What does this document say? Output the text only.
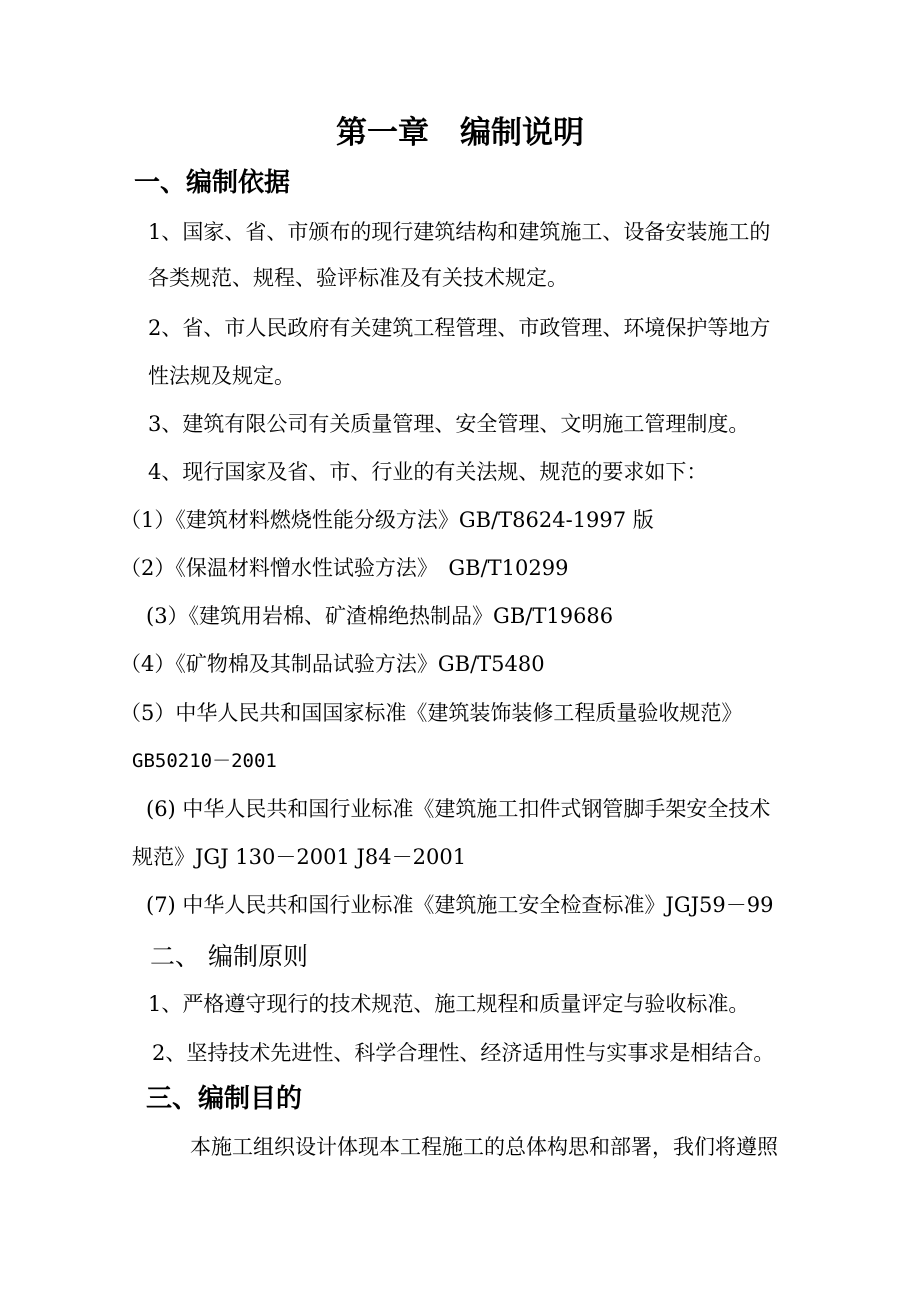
第一章　编制说明
一、编制依据
1、国家、省、市颁布的现行建筑结构和建筑施工、设备安装施工的
各类规范、规程、验评标准及有关技术规定。
2、省、市人民政府有关建筑工程管理、市政管理、环境保护等地方
性法规及规定。
3、建筑有限公司有关质量管理、安全管理、文明施工管理制度。
4、现行国家及省、市、行业的有关法规、规范的要求如下：
（1）《建筑材料燃烧性能分级方法》GB/T8624-1997 版
（2）《保温材料憎水性试验方法》　GB/T10299
(3）《建筑用岩棉、矿渣棉绝热制品》GB/T19686
（4）《矿物棉及其制品试验方法》GB/T5480
（5）中华人民共和国国家标准《建筑装饰装修工程质量验收规范》
GB50210－2001
(6) 中华人民共和国行业标准《建筑施工扣件式钢管脚手架安全技术
规范》JGJ 130－2001 J84－2001
(7) 中华人民共和国行业标准《建筑施工安全检查标准》JGJ59－99
二、 编制原则
1、严格遵守现行的技术规范、施工规程和质量评定与验收标准。
2、坚持技术先进性、科学合理性、经济适用性与实事求是相结合。
三、编制目的
本施工组织设计体现本工程施工的总体构思和部署，我们将遵照
